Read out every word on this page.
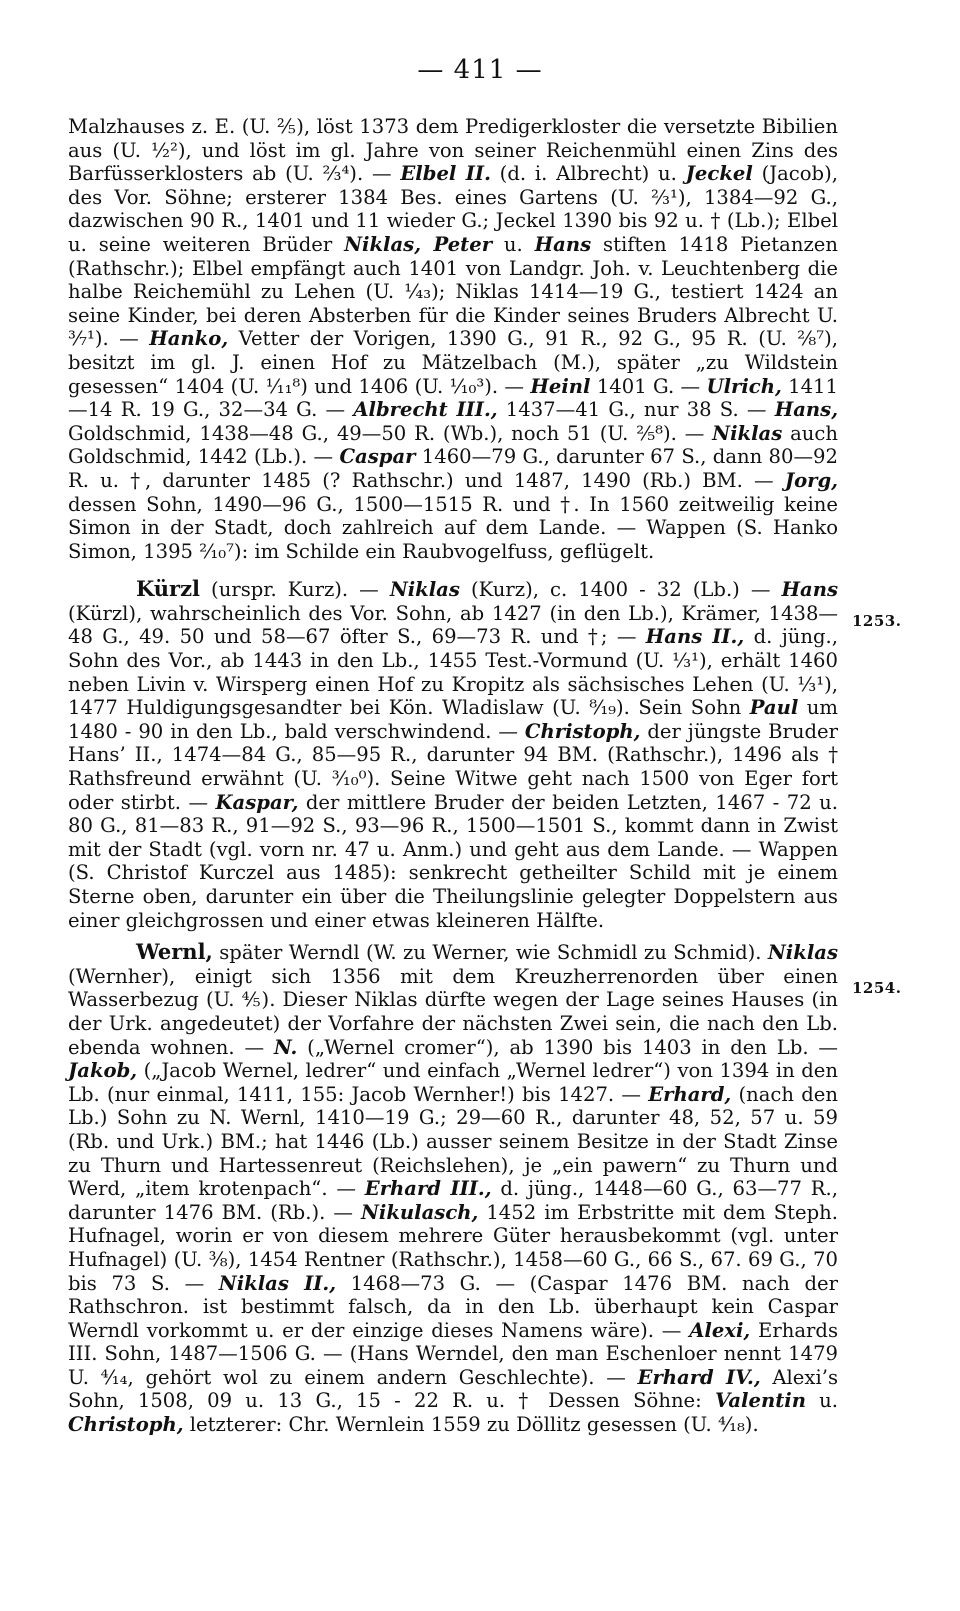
— 411 —
1253.
1254.

Malzhauses z. E. (U. ⅖), löst 1373 dem Predigerkloster die versetzte Bibilien aus (U. ¹⁄₂²), und löst im gl. Jahre von seiner Reichenmühl einen Zins des Barfüsserklosters ab (U. ²⁄₃⁴). — Elbel II. (d. i. Albrecht) u. Jeckel (Jacob), des Vor. Söhne; ersterer 1384 Bes. eines Gartens (U. ²⁄₃¹), 1384—92 G., dazwischen 90 R., 1401 und 11 wieder G.; Jeckel 1390 bis 92 u. † (Lb.); Elbel u. seine weiteren Brüder Niklas, Peter u. Hans stiften 1418 Pietanzen (Rathschr.); Elbel empfängt auch 1401 von Landgr. Joh. v. Leuchtenberg die halbe Reichemühl zu Lehen (U. ¹⁄₄₃); Niklas 1414—19 G., testiert 1424 an seine Kinder, bei deren Absterben für die Kinder seines Bruders Albrecht U. ³⁄₇¹). — Hanko, Vetter der Vorigen, 1390 G., 91 R., 92 G., 95 R. (U. ²⁄₈⁷), besitzt im gl. J. einen Hof zu Mätzelbach (M.), später „zu Wildstein gesessen“ 1404 (U. ¹⁄₁₁⁸) und 1406 (U. ¹⁄₁₀³). — Heinl 1401 G. — Ulrich, 1411—14 R. 19 G., 32—34 G. — Albrecht III., 1437—41 G., nur 38 S. — Hans, Goldschmid, 1438—48 G., 49—50 R. (Wb.), noch 51 (U. ²⁄₅⁸). — Niklas auch Goldschmid, 1442 (Lb.). — Caspar 1460—79 G., darunter 67 S., dann 80—92 R. u. †, darunter 1485 (? Rathschr.) und 1487, 1490 (Rb.) BM. — Jorg, dessen Sohn, 1490—96 G., 1500—1515 R. und †. In 1560 zeitweilig keine Simon in der Stadt, doch zahlreich auf dem Lande. — Wappen (S. Hanko Simon, 1395 ²⁄₁₀⁷): im Schilde ein Raubvogelfuss, geflügelt.

Kürzl (urspr. Kurz). — Niklas (Kurz), c. 1400 - 32 (Lb.) — Hans (Kürzl), wahrscheinlich des Vor. Sohn, ab 1427 (in den Lb.), Krämer, 1438—48 G., 49. 50 und 58—67 öfter S., 69—73 R. und †; — Hans II., d. jüng., Sohn des Vor., ab 1443 in den Lb., 1455 Test.-Vormund (U. ¹⁄₃¹), erhält 1460 neben Livin v. Wirsperg einen Hof zu Kropitz als sächsisches Lehen (U. ¹⁄₃¹), 1477 Huldigungsgesandter bei Kön. Wladislaw (U. ⁸⁄₁₉). Sein Sohn Paul um 1480 - 90 in den Lb., bald verschwindend. — Christoph, der jüngste Bruder Hans’ II., 1474—84 G., 85—95 R., darunter 94 BM. (Rathschr.), 1496 als † Rathsfreund erwähnt (U. ³⁄₁₀⁰). Seine Witwe geht nach 1500 von Eger fort oder stirbt. — Kaspar, der mittlere Bruder der beiden Letzten, 1467 - 72 u. 80 G., 81—83 R., 91—92 S., 93—96 R., 1500—1501 S., kommt dann in Zwist mit der Stadt (vgl. vorn nr. 47 u. Anm.) und geht aus dem Lande. — Wappen (S. Christof Kurczel aus 1485): senkrecht getheilter Schild mit je einem Sterne oben, darunter ein über die Theilungslinie gelegter Doppelstern aus einer gleichgrossen und einer etwas kleineren Hälfte.

Wernl, später Werndl (W. zu Werner, wie Schmidl zu Schmid). Niklas (Wernher), einigt sich 1356 mit dem Kreuzherrenorden über einen Wasserbezug (U. ⅘). Dieser Niklas dürfte wegen der Lage seines Hauses (in der Urk. angedeutet) der Vorfahre der nächsten Zwei sein, die nach den Lb. ebenda wohnen. — N. („Wernel cromer“), ab 1390 bis 1403 in den Lb. — Jakob, („Jacob Wernel, ledrer“ und einfach „Wernel ledrer“) von 1394 in den Lb. (nur einmal, 1411, 155: Jacob Wernher!) bis 1427. — Erhard, (nach den Lb.) Sohn zu N. Wernl, 1410—19 G.; 29—60 R., darunter 48, 52, 57 u. 59 (Rb. und Urk.) BM.; hat 1446 (Lb.) ausser seinem Besitze in der Stadt Zinse zu Thurn und Hartessenreut (Reichslehen), je „ein pawern“ zu Thurn und Werd, „item krotenpach“. — Erhard III., d. jüng., 1448—60 G., 63—77 R., darunter 1476 BM. (Rb.). — Nikulasch, 1452 im Erbstritte mit dem Steph. Hufnagel, worin er von diesem mehrere Güter herausbekommt (vgl. unter Hufnagel) (U. ⅜), 1454 Rentner (Rathschr.), 1458—60 G., 66 S., 67. 69 G., 70 bis 73 S. — Niklas II., 1468—73 G. — (Caspar 1476 BM. nach der Rathschron. ist bestimmt falsch, da in den Lb. überhaupt kein Caspar Werndl vorkommt u. er der einzige dieses Namens wäre). — Alexi, Erhards III. Sohn, 1487—1506 G. — (Hans Werndel, den man Eschenloer nennt 1479 U. ⁴⁄₁₄, gehört wol zu einem andern Geschlechte). — Erhard IV., Alexi’s Sohn, 1508, 09 u. 13 G., 15 - 22 R. u. † Dessen Söhne: Valentin u. Christoph, letzterer: Chr. Wernlein 1559 zu Döllitz gesessen (U. ⁴⁄₁₈).
